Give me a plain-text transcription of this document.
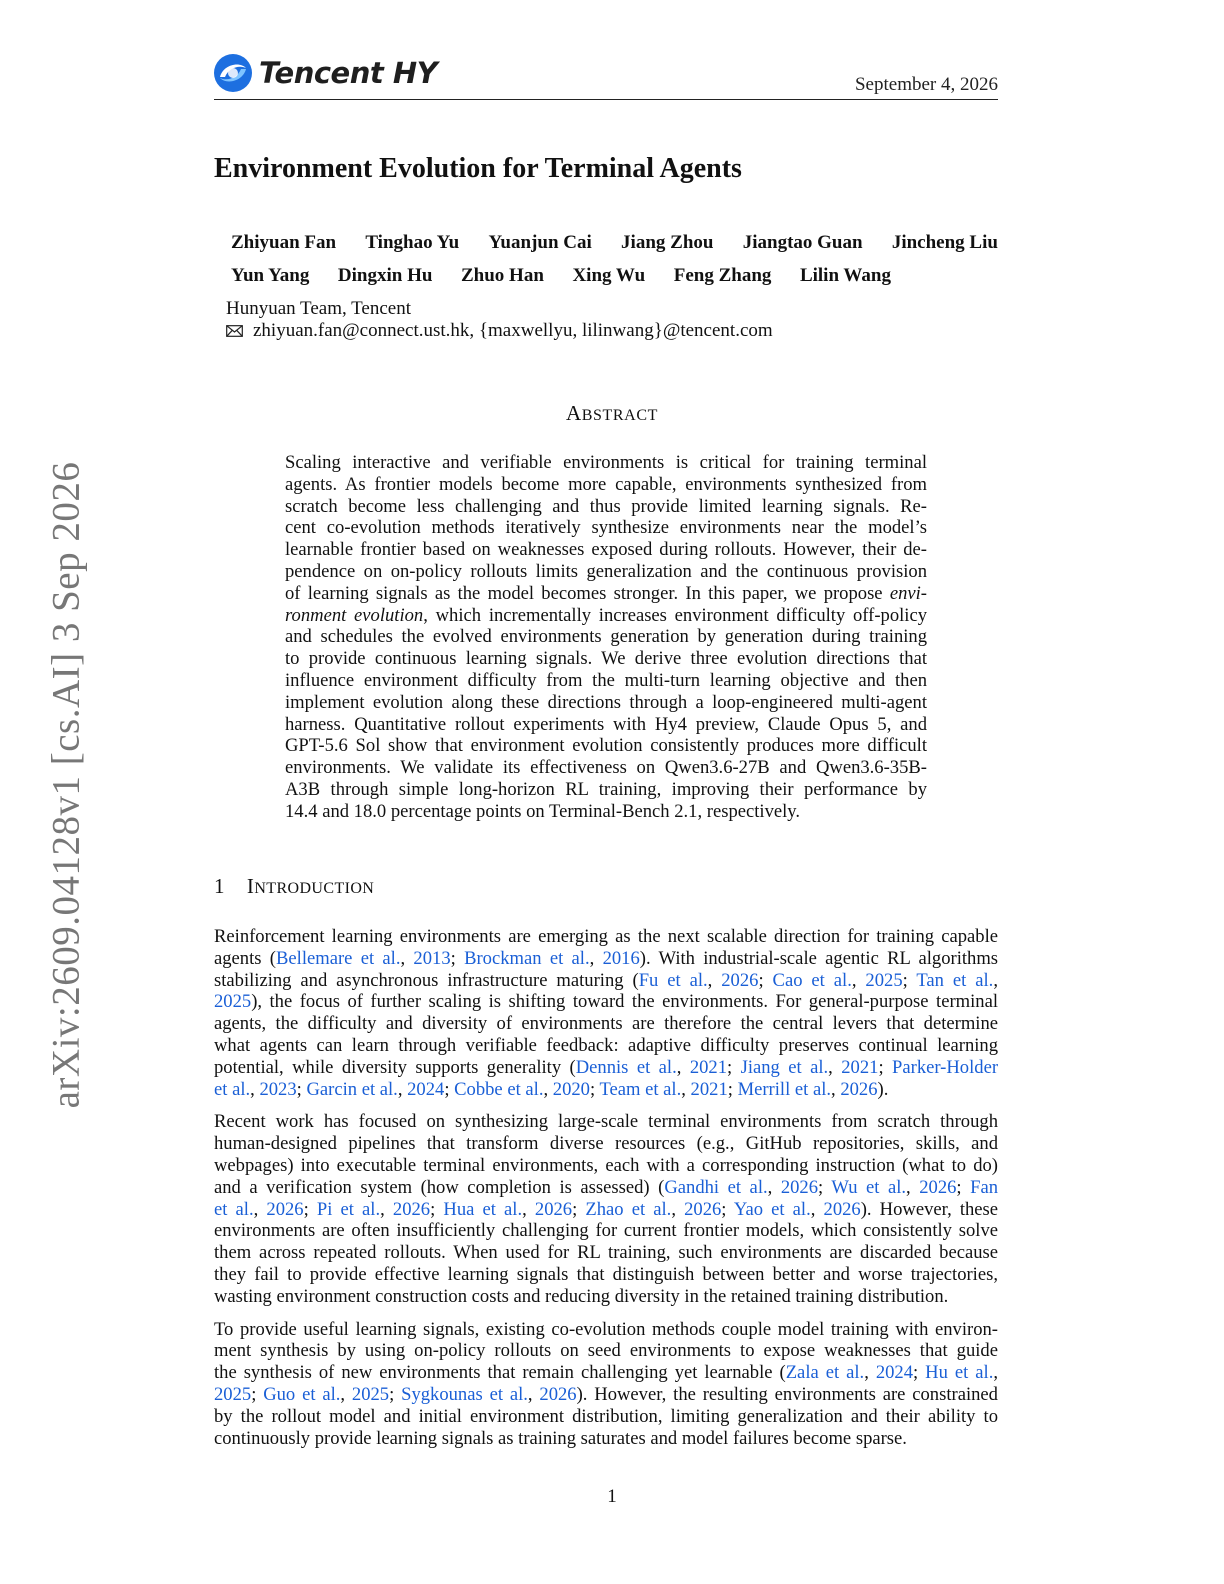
Tencent HY	September 4, 2026
arXiv:2609.04128v1 [cs.AI] 3 Sep 2026
Environment Evolution for Terminal Agents
Zhiyuan Fan Tinghao Yu Yuanjun Cai Jiang Zhou Jiangtao Guan Jincheng Liu
Yun Yang Dingxin Hu Zhuo Han Xing Wu Feng Zhang Lilin Wang
Hunyuan Team, Tencent
zhiyuan.fan@connect.ust.hk, {maxwellyu, lilinwang}@tencent.com
ABSTRACT
Scaling interactive and verifiable environments is critical for training terminal
agents. As frontier models become more capable, environments synthesized from
scratch become less challenging and thus provide limited learning signals. Re-
cent co-evolution methods iteratively synthesize environments near the model’s
learnable frontier based on weaknesses exposed during rollouts. However, their de-
pendence on on-policy rollouts limits generalization and the continuous provision
of learning signals as the model becomes stronger. In this paper, we propose envi-
ronment evolution, which incrementally increases environment difficulty off-policy
and schedules the evolved environments generation by generation during training
to provide continuous learning signals. We derive three evolution directions that
influence environment difficulty from the multi-turn learning objective and then
implement evolution along these directions through a loop-engineered multi-agent
harness. Quantitative rollout experiments with Hy4 preview, Claude Opus 5, and
GPT-5.6 Sol show that environment evolution consistently produces more difficult
environments. We validate its effectiveness on Qwen3.6-27B and Qwen3.6-35B-
A3B through simple long-horizon RL training, improving their performance by
14.4 and 18.0 percentage points on Terminal-Bench 2.1, respectively.
1 INTRODUCTION
Reinforcement learning environments are emerging as the next scalable direction for training capable
agents (Bellemare et al., 2013; Brockman et al., 2016). With industrial-scale agentic RL algorithms
stabilizing and asynchronous infrastructure maturing (Fu et al., 2026; Cao et al., 2025; Tan et al.,
2025), the focus of further scaling is shifting toward the environments. For general-purpose terminal
agents, the difficulty and diversity of environments are therefore the central levers that determine
what agents can learn through verifiable feedback: adaptive difficulty preserves continual learning
potential, while diversity supports generality (Dennis et al., 2021; Jiang et al., 2021; Parker-Holder
et al., 2023; Garcin et al., 2024; Cobbe et al., 2020; Team et al., 2021; Merrill et al., 2026).
Recent work has focused on synthesizing large-scale terminal environments from scratch through
human-designed pipelines that transform diverse resources (e.g., GitHub repositories, skills, and
webpages) into executable terminal environments, each with a corresponding instruction (what to do)
and a verification system (how completion is assessed) (Gandhi et al., 2026; Wu et al., 2026; Fan
et al., 2026; Pi et al., 2026; Hua et al., 2026; Zhao et al., 2026; Yao et al., 2026). However, these
environments are often insufficiently challenging for current frontier models, which consistently solve
them across repeated rollouts. When used for RL training, such environments are discarded because
they fail to provide effective learning signals that distinguish between better and worse trajectories,
wasting environment construction costs and reducing diversity in the retained training distribution.
To provide useful learning signals, existing co-evolution methods couple model training with environ-
ment synthesis by using on-policy rollouts on seed environments to expose weaknesses that guide
the synthesis of new environments that remain challenging yet learnable (Zala et al., 2024; Hu et al.,
2025; Guo et al., 2025; Sygkounas et al., 2026). However, the resulting environments are constrained
by the rollout model and initial environment distribution, limiting generalization and their ability to
continuously provide learning signals as training saturates and model failures become sparse.
1
